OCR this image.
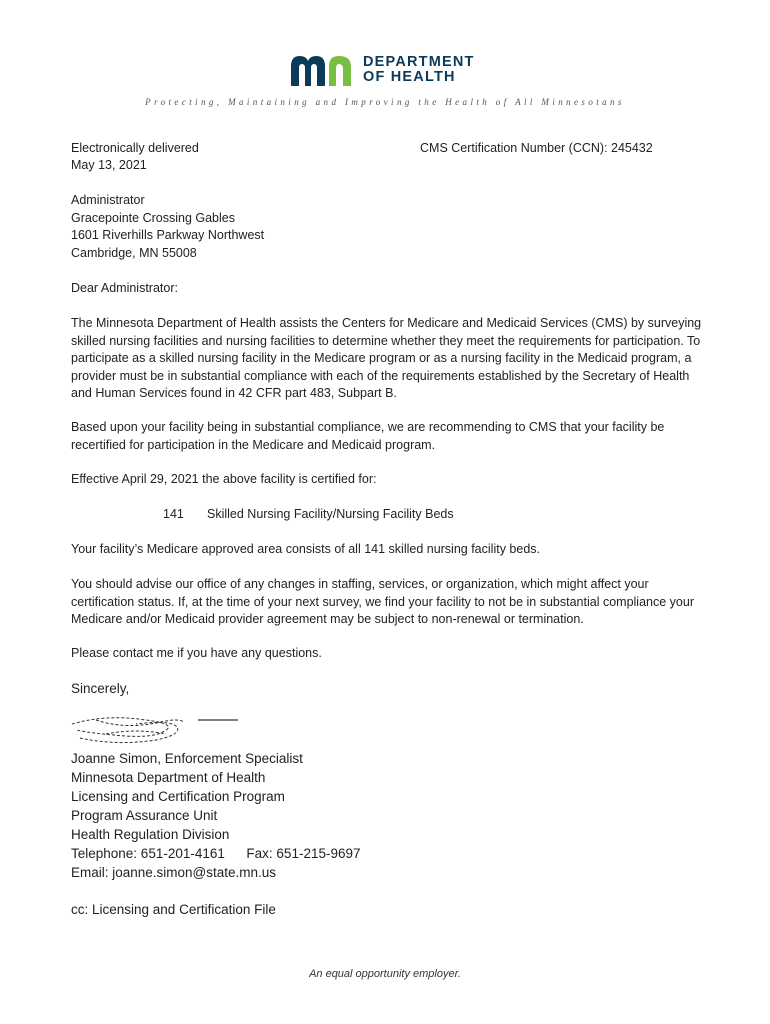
DEPARTMENT
OF HEALTH
Protecting, Maintaining and Improving the Health of All Minnesotans
Electronically delivered
May 13, 2021
CMS Certification Number (CCN): 245432
Administrator
Gracepointe Crossing Gables
1601 Riverhills Parkway Northwest
Cambridge, MN 55008
Dear Administrator:
The Minnesota Department of Health assists the Centers for Medicare and Medicaid Services (CMS) by surveying skilled nursing facilities and nursing facilities to determine whether they meet the requirements for participation. To participate as a skilled nursing facility in the Medicare program or as a nursing facility in the Medicaid program, a provider must be in substantial compliance with each of the requirements established by the Secretary of Health and Human Services found in 42 CFR part 483, Subpart B.
Based upon your facility being in substantial compliance, we are recommending to CMS that your facility be recertified for participation in the Medicare and Medicaid program.
Effective April 29, 2021 the above facility is certified for:
141 Skilled Nursing Facility/Nursing Facility Beds
Your facility’s Medicare approved area consists of all 141 skilled nursing facility beds.
You should advise our office of any changes in staffing, services, or organization, which might affect your certification status. If, at the time of your next survey, we find your facility to not be in substantial compliance your Medicare and/or Medicaid provider agreement may be subject to non-renewal or termination.
Please contact me if you have any questions.
Sincerely,
Joanne Simon, Enforcement Specialist
Minnesota Department of Health
Licensing and Certification Program
Program Assurance Unit
Health Regulation Division
Telephone: 651-201-4161 Fax: 651-215-9697
Email: joanne.simon@state.mn.us
cc: Licensing and Certification File
An equal opportunity employer.
